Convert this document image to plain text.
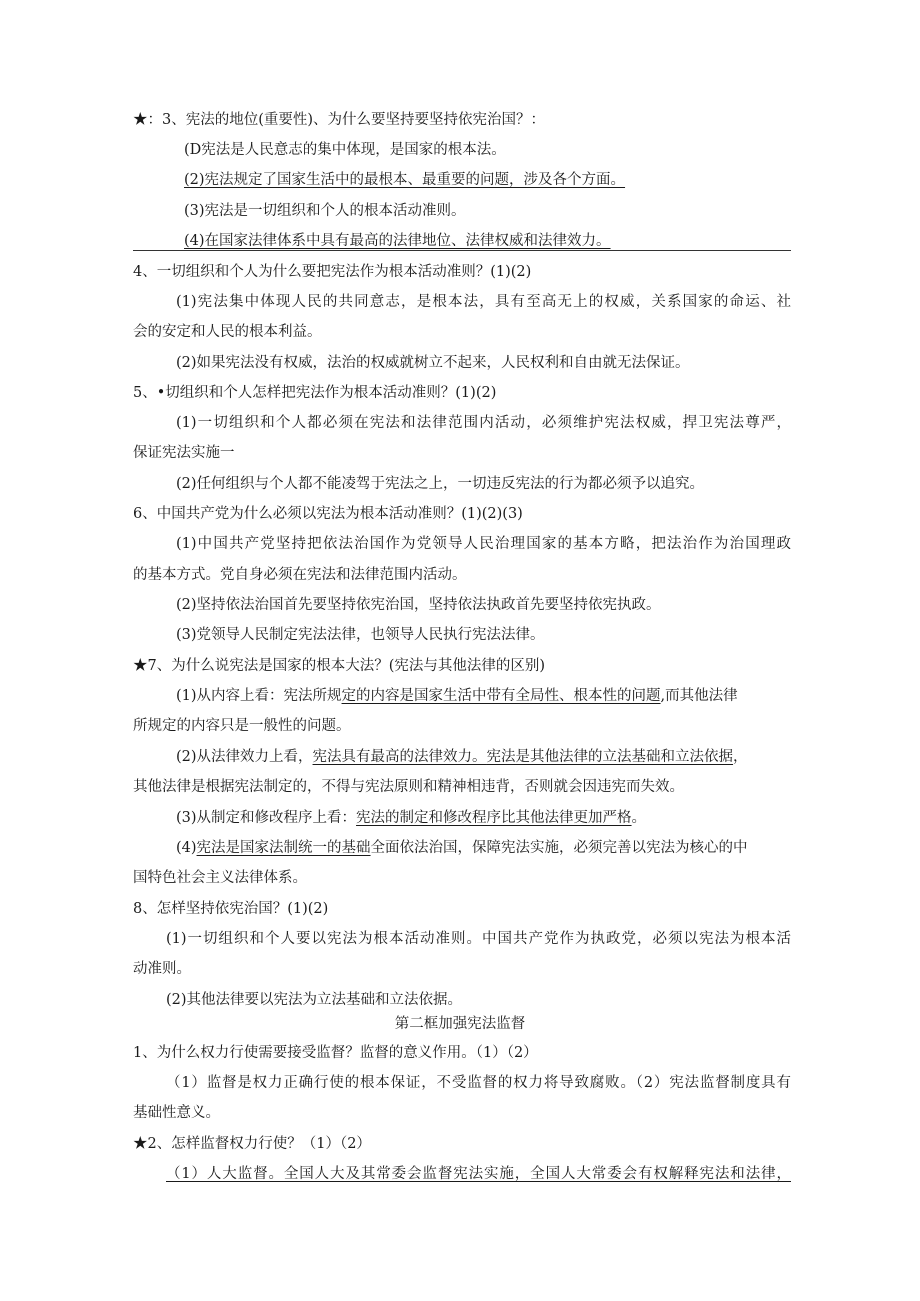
★：3、宪法的地位(重要性)、为什么要坚持要坚持依宪治国？：
(D宪法是人民意志的集中体现，是国家的根本法。
(2)宪法规定了国家生活中的最根本、最重要的问题，涉及各个方面。
(3)宪法是一切组织和个人的根本活动准则。
(4)在国家法律体系中具有最高的法律地位、法律权威和法律效力。
4、一切组织和个人为什么要把宪法作为根本活动准则？(1)(2)
(1)宪法集中体现人民的共同意志，是根本法，具有至高无上的权威，关系国家的命运、社
会的安定和人民的根本利益。
(2)如果宪法没有权威，法治的权威就树立不起来，人民权利和自由就无法保证。
5、•切组织和个人怎样把宪法作为根本活动准则？(1)(2)
(1)一切组织和个人都必须在宪法和法律范围内活动，必须维护宪法权威，捍卫宪法尊严，
保证宪法实施一
(2)任何组织与个人都不能凌驾于宪法之上，一切违反宪法的行为都必须予以追究。
6、中国共产党为什么必须以宪法为根本活动准则？(1)(2)(3)
(1)中国共产党坚持把依法治国作为党领导人民治理国家的基本方略，把法治作为治国理政
的基本方式。党自身必须在宪法和法律范围内活动。
(2)坚持依法治国首先要坚持依宪治国，坚持依法执政首先要坚持依宪执政。
(3)党领导人民制定宪法法律，也领导人民执行宪法法律。
★7、为什么说宪法是国家的根本大法？(宪法与其他法律的区别)
(1)从内容上看：宪法所规定的内容是国家生活中带有全局性、根本性的问题,而其他法律
所规定的内容只是一般性的问题。
(2)从法律效力上看，宪法具有最高的法律效力。宪法是其他法律的立法基础和立法依据，
其他法律是根据宪法制定的，不得与宪法原则和精神相违背，否则就会因违宪而失效。
(3)从制定和修改程序上看：宪法的制定和修改程序比其他法律更加严格。
(4)宪法是国家法制统一的基础全面依法治国，保障宪法实施，必须完善以宪法为核心的中
国特色社会主义法律体系。
8、怎样坚持依宪治国？(1)(2)
(1)一切组织和个人要以宪法为根本活动准则。中国共产党作为执政党，必须以宪法为根本活
动准则。
(2)其他法律要以宪法为立法基础和立法依据。
第二框加强宪法监督
1、为什么权力行使需要接受监督？监督的意义作用。（1）（2）
（1）监督是权力正确行使的根本保证，不受监督的权力将导致腐败。（2）宪法监督制度具有
基础性意义。
★2、怎样监督权力行使？（1）（2）
（1）人大监督。全国人大及其常委会监督宪法实施，全国人大常委会有权解释宪法和法律，
